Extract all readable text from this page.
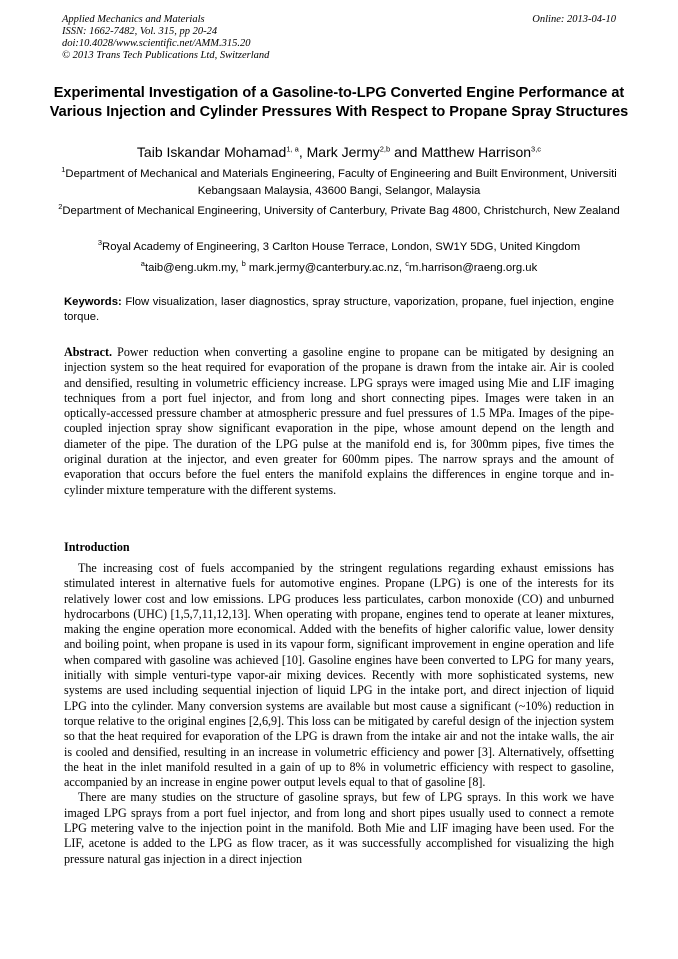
Applied Mechanics and Materials
ISSN: 1662-7482, Vol. 315, pp 20-24
doi:10.4028/www.scientific.net/AMM.315.20
© 2013 Trans Tech Publications Ltd, Switzerland
Online: 2013-04-10
Experimental Investigation of a Gasoline-to-LPG Converted Engine Performance at Various Injection and Cylinder Pressures With Respect to Propane Spray Structures
Taib Iskandar Mohamad$^{1, a}$, Mark Jermy$^{2,b}$ and Matthew Harrison$^{3,c}$
$^1$Department of Mechanical and Materials Engineering, Faculty of Engineering and Built Environment, Universiti Kebangsaan Malaysia, 43600 Bangi, Selangor, Malaysia
$^2$Department of Mechanical Engineering, University of Canterbury, Private Bag 4800, Christchurch, New Zealand
$^3$Royal Academy of Engineering, 3 Carlton House Terrace, London, SW1Y 5DG, United Kingdom
$^a$taib@eng.ukm.my, $^b$ mark.jermy@canterbury.ac.nz, $^c$m.harrison@raeng.org.uk
Keywords: Flow visualization, laser diagnostics, spray structure, vaporization, propane, fuel injection, engine torque.
Abstract. Power reduction when converting a gasoline engine to propane can be mitigated by designing an injection system so the heat required for evaporation of the propane is drawn from the intake air. Air is cooled and densified, resulting in volumetric efficiency increase. LPG sprays were imaged using Mie and LIF imaging techniques from a port fuel injector, and from long and short connecting pipes. Images were taken in an optically-accessed pressure chamber at atmospheric pressure and fuel pressures of 1.5 MPa. Images of the pipe-coupled injection spray show significant evaporation in the pipe, whose amount depend on the length and diameter of the pipe. The duration of the LPG pulse at the manifold end is, for 300mm pipes, five times the original duration at the injector, and even greater for 600mm pipes. The narrow sprays and the amount of evaporation that occurs before the fuel enters the manifold explains the differences in engine torque and in-cylinder mixture temperature with the different systems.
Introduction

The increasing cost of fuels accompanied by the stringent regulations regarding exhaust emissions has stimulated interest in alternative fuels for automotive engines. Propane (LPG) is one of the interests for its relatively lower cost and low emissions. LPG produces less particulates, carbon monoxide (CO) and unburned hydrocarbons (UHC) [1,5,7,11,12,13]. When operating with propane, engines tend to operate at leaner mixtures, making the engine operation more economical. Added with the benefits of higher calorific value, lower density and boiling point, when propane is used in its vapour form, significant improvement in engine operation and life when compared with gasoline was achieved [10]. Gasoline engines have been converted to LPG for many years, initially with simple venturi-type vapor-air mixing devices. Recently with more sophisticated systems, new systems are used including sequential injection of liquid LPG in the intake port, and direct injection of liquid LPG into the cylinder. Many conversion systems are available but most cause a significant (~10%) reduction in torque relative to the original engines [2,6,9]. This loss can be mitigated by careful design of the injection system so that the heat required for evaporation of the LPG is drawn from the intake air and not the intake walls, the air is cooled and densified, resulting in an increase in volumetric efficiency and power [3]. Alternatively, offsetting the heat in the inlet manifold resulted in a gain of up to 8% in volumetric efficiency with respect to gasoline, accompanied by an increase in engine power output levels equal to that of gasoline [8].

There are many studies on the structure of gasoline sprays, but few of LPG sprays. In this work we have imaged LPG sprays from a port fuel injector, and from long and short pipes usually used to connect a remote LPG metering valve to the injection point in the manifold. Both Mie and LIF imaging have been used. For the LIF, acetone is added to the LPG as flow tracer, as it was successfully accomplished for visualizing the high pressure natural gas injection in a direct injection
